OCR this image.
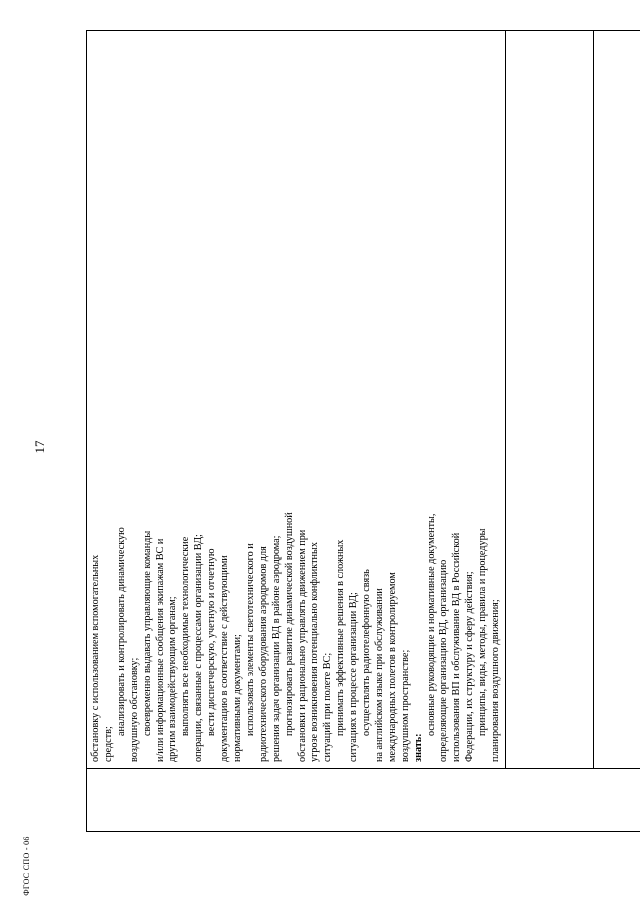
17

обстановку с использованием вспомогательных средств;
анализировать и контролировать динамическую воздушную обстановку; своевременно выдавать управляющие команды и/или информационные сообщения экипажам ВС и другим взаимодействующим органам; выполнять все необходимые технологические операции, связанные с процессами организации ВД; вести диспетчерскую, учетную и отчетную документацию в соответствие с действующими нормативными документами; использовать элементы светотехнического и радиотехнического оборудования аэродромов для решения задач организации ВД в районе аэродрома; прогнозировать развитие динамической воздушной обстановки и рационально управлять движением при угрозе возникновения потенциально конфликтных ситуаций при полете ВС; принимать эффективные решения в сложных ситуациях в процессе организации ВД; осуществлять радиотелефонную связь на английском языке при обслуживании международных полетов в контролируемом воздушном пространстве; знать:
основные руководящие и нормативные документы, определяющие организацию ВД, организацию использования ВП и обслуживание ВД в Российской Федерации, их структуру и сферу действия; принципы, виды, методы, правила и процедуры планирования воздушного движения;

ФГОС СПО - 06
